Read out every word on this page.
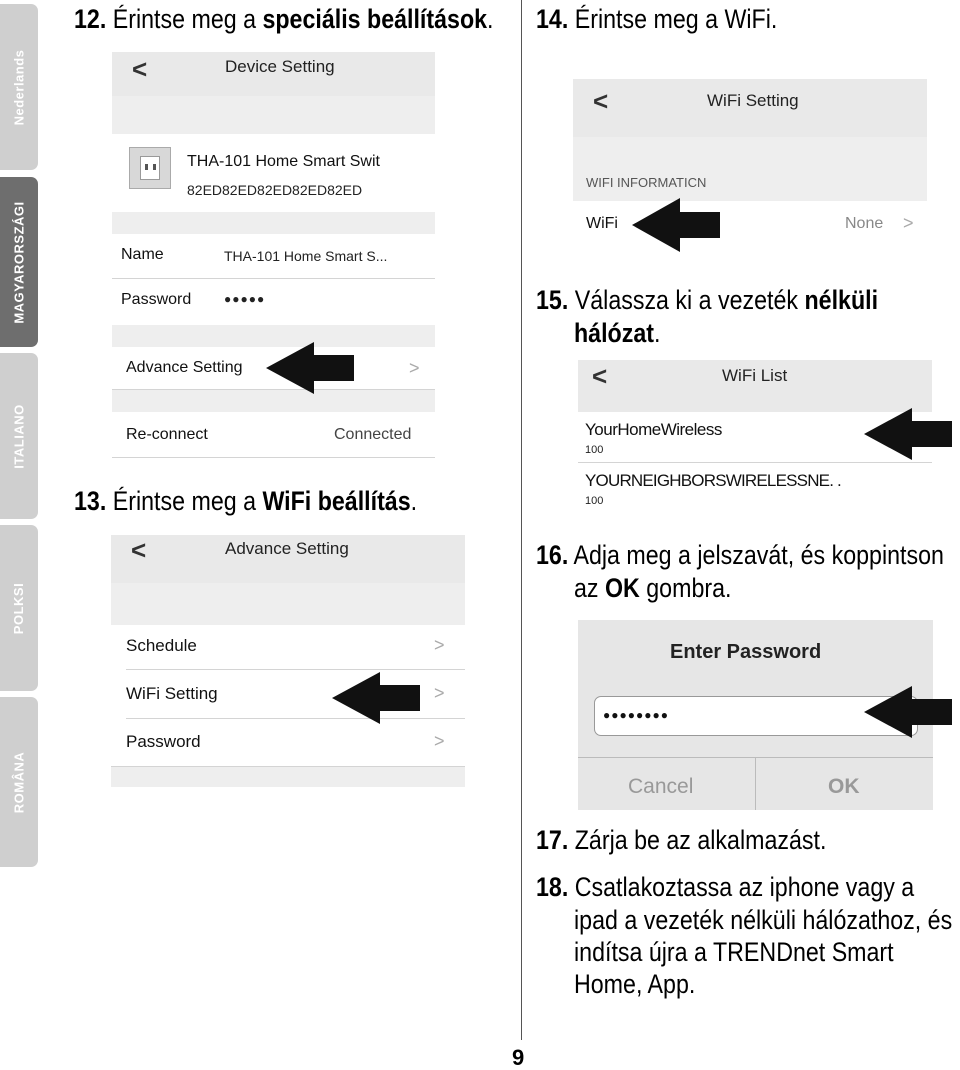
Nederlands
MAGYARORSZÁGI
ITALIANO
POLKSI
ROMÂNA
12. Érintse meg a speciális beállítások.
<	Device Setting
THA-101 Home Smart Swit
82ED82ED82ED82ED82ED
Name	THA-101 Home Smart S...
Password	●●●●●
Advance Setting	>
Re-connect	Connected
13. Érintse meg a WiFi beállítás.
<	Advance Setting
Schedule	>
WiFi Setting	>
Password	>
14. Érintse meg a WiFi.
<	WiFi Setting
WIFI INFORMATICN
WiFi	None >
15. Válassza ki a vezeték nélküli
hálózat.
<	WiFi List
YourHomeWireless
100
YOURNEIGHBORSWIRELESSNE. .
100
16. Adja meg a jelszavát, és koppintson
az OK gombra.
Enter Password
●●●●●●●●
Cancel	OK
17. Zárja be az alkalmazást.
18. Csatlakoztassa az iphone vagy a
ipad a vezeték nélküli hálózathoz, és
indítsa újra a TRENDnet Smart
Home, App.
9
